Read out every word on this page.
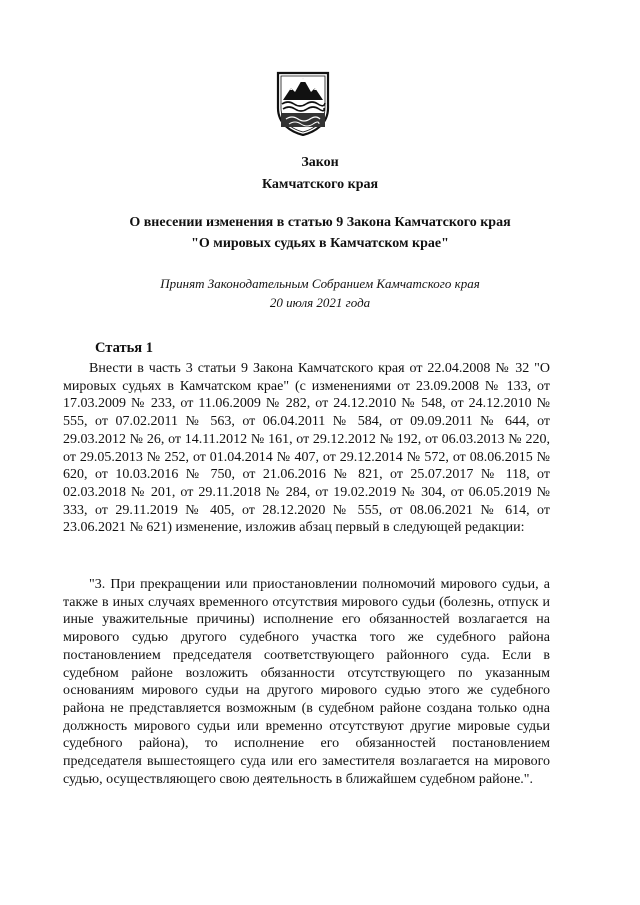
Закон
Камчатского края
О внесении изменения в статью 9 Закона Камчатского края
"О мировых судьях в Камчатском крае"
Принят Законодательным Собранием Камчатского края
20 июля 2021 года
Статья 1
Внести в часть 3 статьи 9 Закона Камчатского края от 22.04.2008 № 32 "О мировых судьях в Камчатском крае" (с изменениями от 23.09.2008 № 133, от 17.03.2009 № 233, от 11.06.2009 № 282, от 24.12.2010 № 548, от 24.12.2010 № 555, от 07.02.2011 № 563, от 06.04.2011 № 584, от 09.09.2011 № 644, от 29.03.2012 № 26, от 14.11.2012 № 161, от 29.12.2012 № 192, от 06.03.2013 № 220, от 29.05.2013 № 252, от 01.04.2014 № 407, от 29.12.2014 № 572, от 08.06.2015 № 620, от 10.03.2016 № 750, от 21.06.2016 № 821, от 25.07.2017 № 118, от 02.03.2018 № 201, от 29.11.2018 № 284, от 19.02.2019 № 304, от 06.05.2019 № 333, от 29.11.2019 № 405, от 28.12.2020 № 555, от 08.06.2021 № 614, от 23.06.2021 № 621) изменение, изложив абзац первый в следующей редакции:
"3. При прекращении или приостановлении полномочий мирового судьи, а также в иных случаях временного отсутствия мирового судьи (болезнь, отпуск и иные уважительные причины) исполнение его обязанностей возлагается на мирового судью другого судебного участка того же судебного района постановлением председателя соответствующего районного суда. Если в судебном районе возложить обязанности отсутствующего по указанным основаниям мирового судьи на другого мирового судью этого же судебного района не представляется возможным (в судебном районе создана только одна должность мирового судьи или временно отсутствуют другие мировые судьи судебного района), то исполнение его обязанностей постановлением председателя вышестоящего суда или его заместителя возлагается на мирового судью, осуществляющего свою деятельность в ближайшем судебном районе.".
